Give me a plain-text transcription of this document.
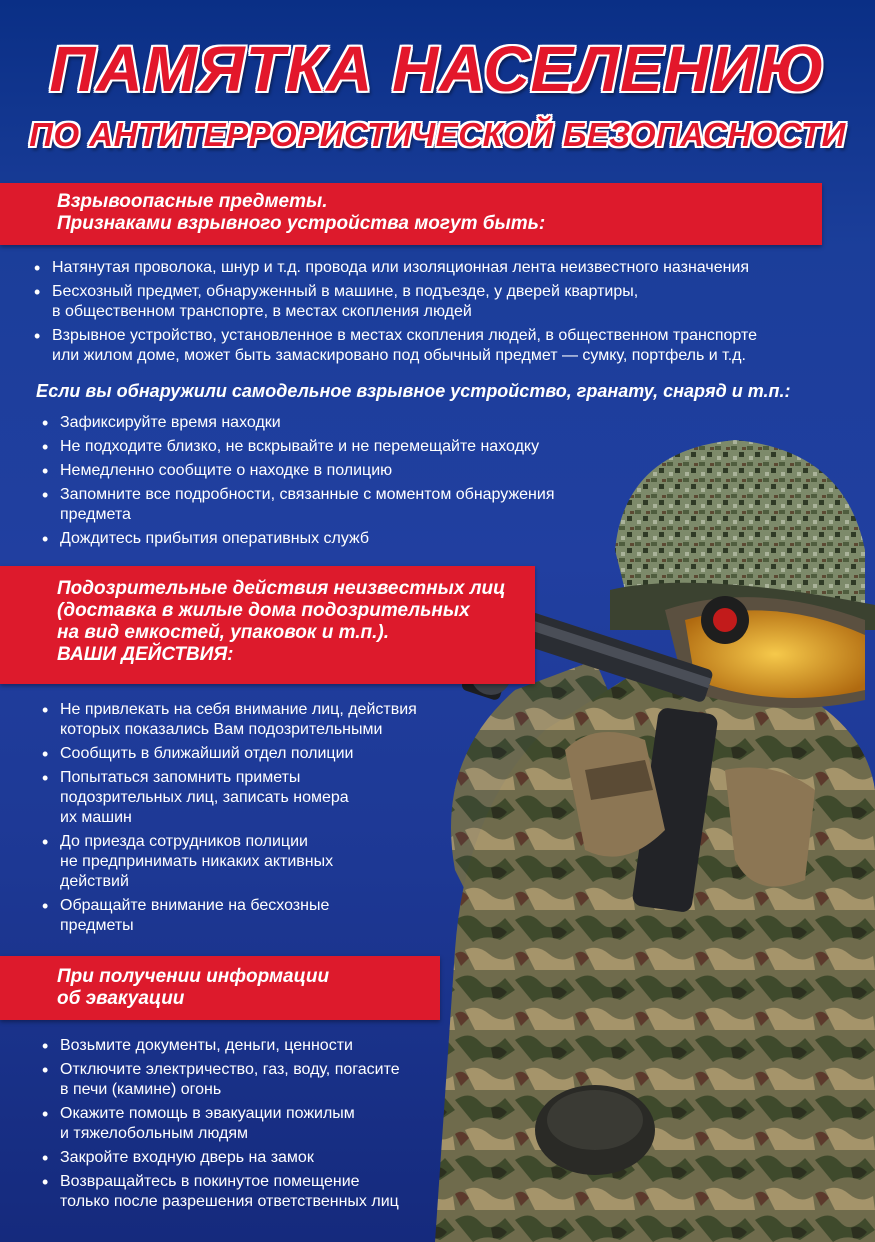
ПАМЯТКА НАСЕЛЕНИЮ
ПО АНТИТЕРРОРИСТИЧЕСКОЙ БЕЗОПАСНОСТИ
Взрывоопасные предметы.
Признаками взрывного устройства могут быть:
• Натянутая проволока, шнур и т.д. провода или изоляционная лента неизвестного назначения
• Бесхозный предмет, обнаруженный в машине, в подъезде, у дверей квартиры,
в общественном транспорте, в местах скопления людей
• Взрывное устройство, установленное в местах скопления людей, в общественном транспорте
или жилом доме, может быть замаскировано под обычный предмет — сумку, портфель и т.д.
Если вы обнаружили самодельное взрывное устройство, гранату, снаряд и т.п.:
• Зафиксируйте время находки
• Не подходите близко, не вскрывайте и не перемещайте находку
• Немедленно сообщите о находке в полицию
• Запомните все подробности, связанные с моментом обнаружения
предмета
• Дождитесь прибытия оперативных служб
Подозрительные действия неизвестных лиц
(доставка в жилые дома подозрительных
на вид емкостей, упаковок и т.п.).
ВАШИ ДЕЙСТВИЯ:
• Не привлекать на себя внимание лиц, действия
которых показались Вам подозрительными
• Сообщить в ближайший отдел полиции
• Попытаться запомнить приметы
подозрительных лиц, записать номера
их машин
• До приезда сотрудников полиции
не предпринимать никаких активных
действий
• Обращайте внимание на бесхозные
предметы
При получении информации
об эвакуации
• Возьмите документы, деньги, ценности
• Отключите электричество, газ, воду, погасите
в печи (камине) огонь
• Окажите помощь в эвакуации пожилым
и тяжелобольным людям
• Закройте входную дверь на замок
• Возвращайтесь в покинутое помещение
только после разрешения ответственных лиц
